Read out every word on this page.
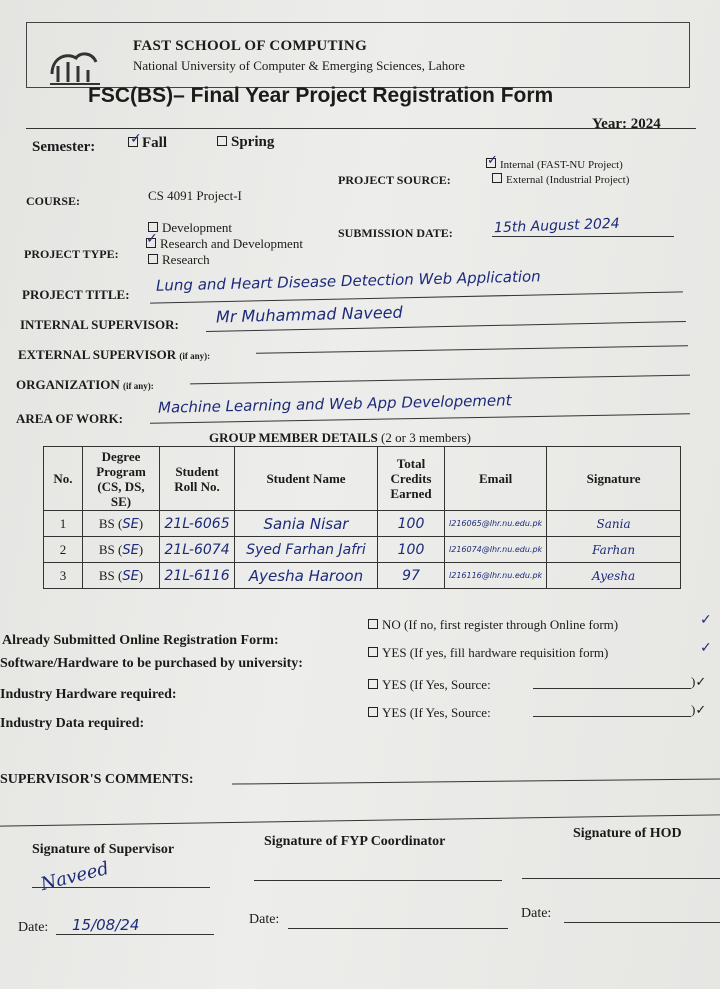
FAST SCHOOL OF COMPUTING
National University of Computer & Emerging Sciences, Lahore
FSC(BS)– Final Year Project Registration Form
Semester: ✓ Fall	Spring
Year: 2024
COURSE:	CS 4091 Project-I
PROJECT SOURCE:
✓ Internal (FAST-NU Project)
External (Industrial Project)
Development
PROJECT TYPE:
✓ Research and Development
Research
SUBMISSION DATE:	15th August 2024
PROJECT TITLE: Lung and Heart Disease Detection Web Application
INTERNAL SUPERVISOR: Mr Muhammad Naveed
EXTERNAL SUPERVISOR (if any):
ORGANIZATION (if any):
AREA OF WORK:
Machine Learning and Web App Developement
GROUP MEMBER DETAILS (2 or 3 members)
No.	Degree Program (CS, DS, SE)	Student Roll No.	Student Name	Total Credits Earned	Email	Signature
1	BS (SE)	21L-6065	Sania Nisar	100	l216065@lhr.nu.edu.pk	Sania
2	BS (SE)	21L-6074	Syed Farhan Jafri	100	l216074@lhr.nu.edu.pk	Farhan
3	BS (SE)	21L-6116	Ayesha Haroon	97	l216116@lhr.nu.edu.pk	Ayesha
Already Submitted Online Registration Form:
NO (If no, first register through Online form)	✓
Software/Hardware to be purchased by university:
YES (If yes, fill hardware requisition form)	✓
Industry Hardware required:
YES (If Yes, Source:	)✓
Industry Data required:
YES (If Yes, Source:	)✓
SUPERVISOR'S COMMENTS:
Signature of Supervisor
Signature of FYP Coordinator
Signature of HOD
Naveed
Date: 15/08/24	Date:	Date:
